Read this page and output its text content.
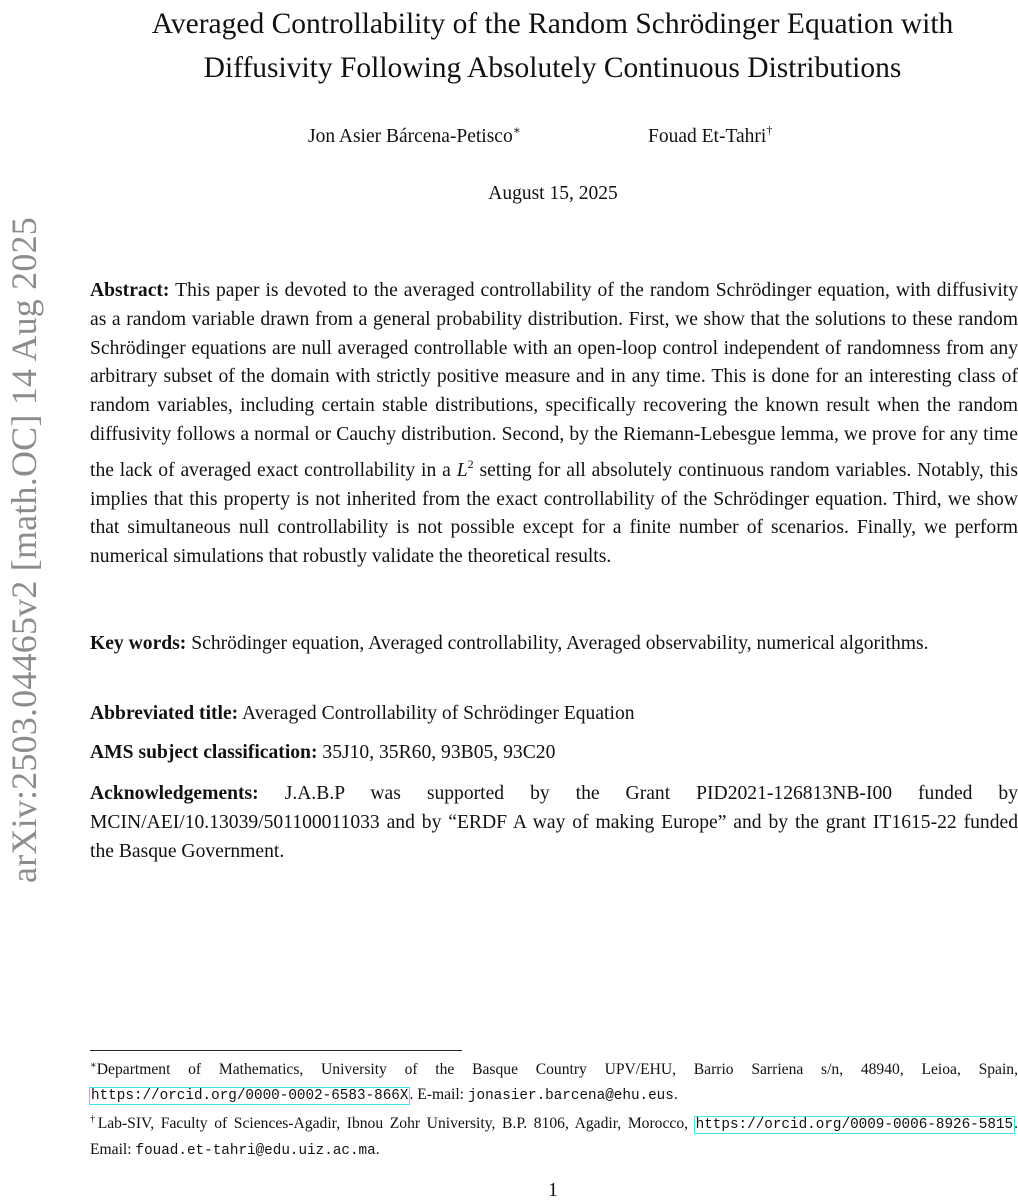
arXiv:2503.04465v2 [math.OC] 14 Aug 2025
Averaged Controllability of the Random Schrödinger Equation with
Diffusivity Following Absolutely Continuous Distributions
Jon Asier Bárcena-Petisco∗	Fouad Et-Tahri†
August 15, 2025
Abstract: This paper is devoted to the averaged controllability of the random Schrödinger equation, with diffusivity as a random variable drawn from a general probability distribution. First, we show that the solutions to these random Schrödinger equations are null averaged controllable with an open-loop control independent of randomness from any arbitrary subset of the domain with strictly positive measure and in any time. This is done for an interesting class of random variables, including certain stable distributions, specifically recovering the known result when the random diffusivity follows a normal or Cauchy distribution. Second, by the Riemann-Lebesgue lemma, we prove for any time the lack of averaged exact controllability in a $L^2$ setting for all absolutely continuous random variables. Notably, this implies that this property is not inherited from the exact controllability of the Schrödinger equation. Third, we show that simultaneous null controllability is not possible except for a finite number of scenarios. Finally, we perform numerical simulations that robustly validate the theoretical results.
Key words: Schrödinger equation, Averaged controllability, Averaged observability, numerical algorithms.
Abbreviated title: Averaged Controllability of Schrödinger Equation
AMS subject classification: 35J10, 35R60, 93B05, 93C20
Acknowledgements: J.A.B.P was supported by the Grant PID2021-126813NB-I00 funded by MCIN/AEI/10.13039/501100011033 and by “ERDF A way of making Europe” and by the grant IT1615-22 funded the Basque Government.

∗Department of Mathematics, University of the Basque Country UPV/EHU, Barrio Sarriena s/n, 48940, Leioa, Spain, https://orcid.org/0000-0002-6583-866X. E-mail: jonasier.barcena@ehu.eus.

†Lab-SIV, Faculty of Sciences-Agadir, Ibnou Zohr University, B.P. 8106, Agadir, Morocco, https://orcid.org/0009-0006-8926-5815. Email: fouad.et-tahri@edu.uiz.ac.ma.

1
